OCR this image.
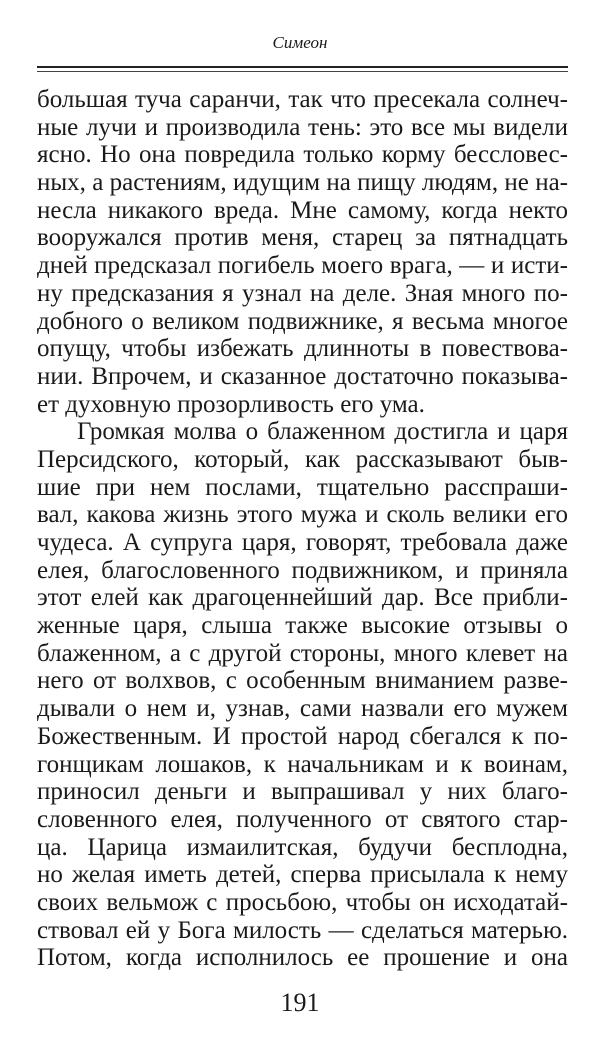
Симеон
большая туча саранчи, так что пресекала солнеч-
ные лучи и производила тень: это все мы видели
ясно. Но она повредила только корму бессловес-
ных, а растениям, идущим на пищу людям, не на-
несла никакого вреда. Мне самому, когда некто
вооружался против меня, старец за пятнадцать
дней предсказал погибель моего врага, — и исти-
ну предсказания я узнал на деле. Зная много по-
добного о великом подвижнике, я весьма многое
опущу, чтобы избежать длинноты в повествова-
нии. Впрочем, и сказанное достаточно показыва-
ет духовную прозорливость его ума.
Громкая молва о блаженном достигла и царя
Персидского, который, как рассказывают быв-
шие при нем послами, тщательно расспраши-
вал, какова жизнь этого мужа и сколь велики его
чудеса. А супруга царя, говорят, требовала даже
елея, благословенного подвижником, и приняла
этот елей как драгоценнейший дар. Все прибли-
женные царя, слыша также высокие отзывы о
блаженном, а с другой стороны, много клевет на
него от волхвов, с особенным вниманием разве-
дывали о нем и, узнав, сами назвали его мужем
Божественным. И простой народ сбегался к по-
гонщикам лошаков, к начальникам и к воинам,
приносил деньги и выпрашивал у них благо-
словенного елея, полученного от святого стар-
ца. Царица измаилитская, будучи бесплодна,
но желая иметь детей, сперва присылала к нему
своих вельмож с просьбою, чтобы он исходатай-
ствовал ей у Бога милость — сделаться матерью.
Потом, когда исполнилось ее прошение и она
191
